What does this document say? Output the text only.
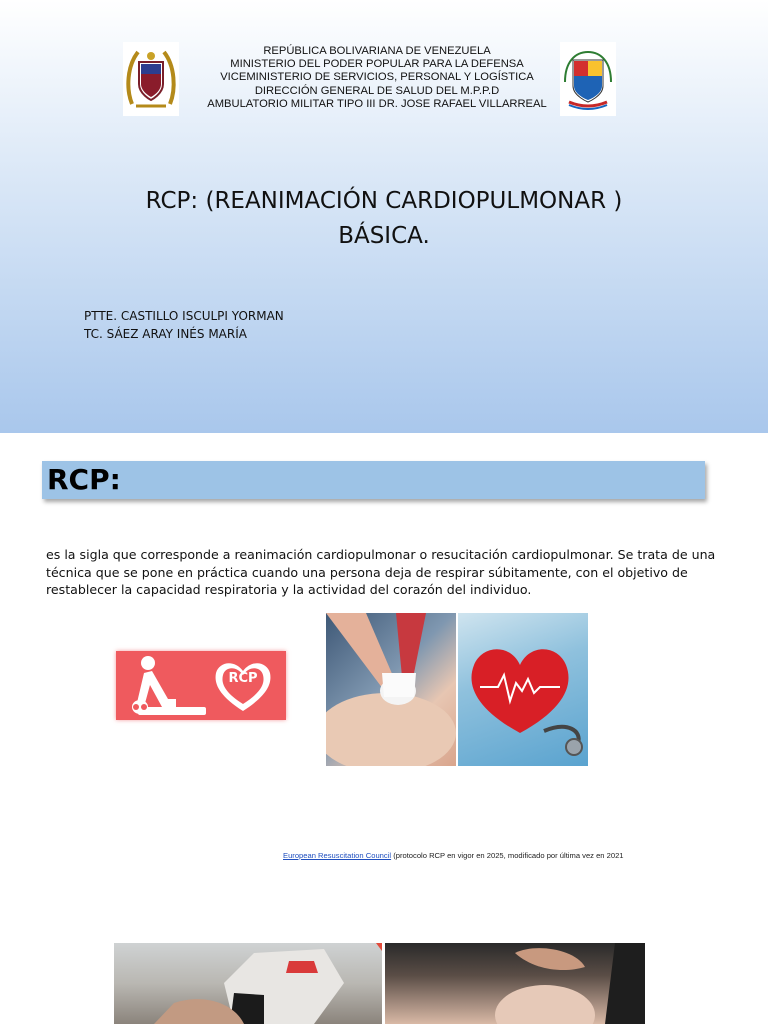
REPÚBLICA BOLIVARIANA DE VENEZUELA
MINISTERIO DEL PODER POPULAR PARA LA DEFENSA
VICEMINISTERIO DE SERVICIOS, PERSONAL Y LOGÍSTICA
DIRECCIÓN GENERAL DE SALUD DEL M.P.P.D
AMBULATORIO MILITAR TIPO III DR. JOSE RAFAEL VILLARREAL
RCP: (REANIMACIÓN CARDIOPULMONAR )
BÁSICA.
PTTE. CASTILLO ISCULPI YORMAN
TC. SÁEZ ARAY INÉS MARÍA
RCP:
es la sigla que corresponde a reanimación cardiopulmonar o resucitación cardiopulmonar. Se trata de una técnica que se pone en práctica cuando una persona deja de respirar súbitamente, con el objetivo de restablecer la capacidad respiratoria y la actividad del corazón del individuo.
RCP
European Resuscitation Council (protocolo RCP en vigor en 2025, modificado por última vez en 2021
